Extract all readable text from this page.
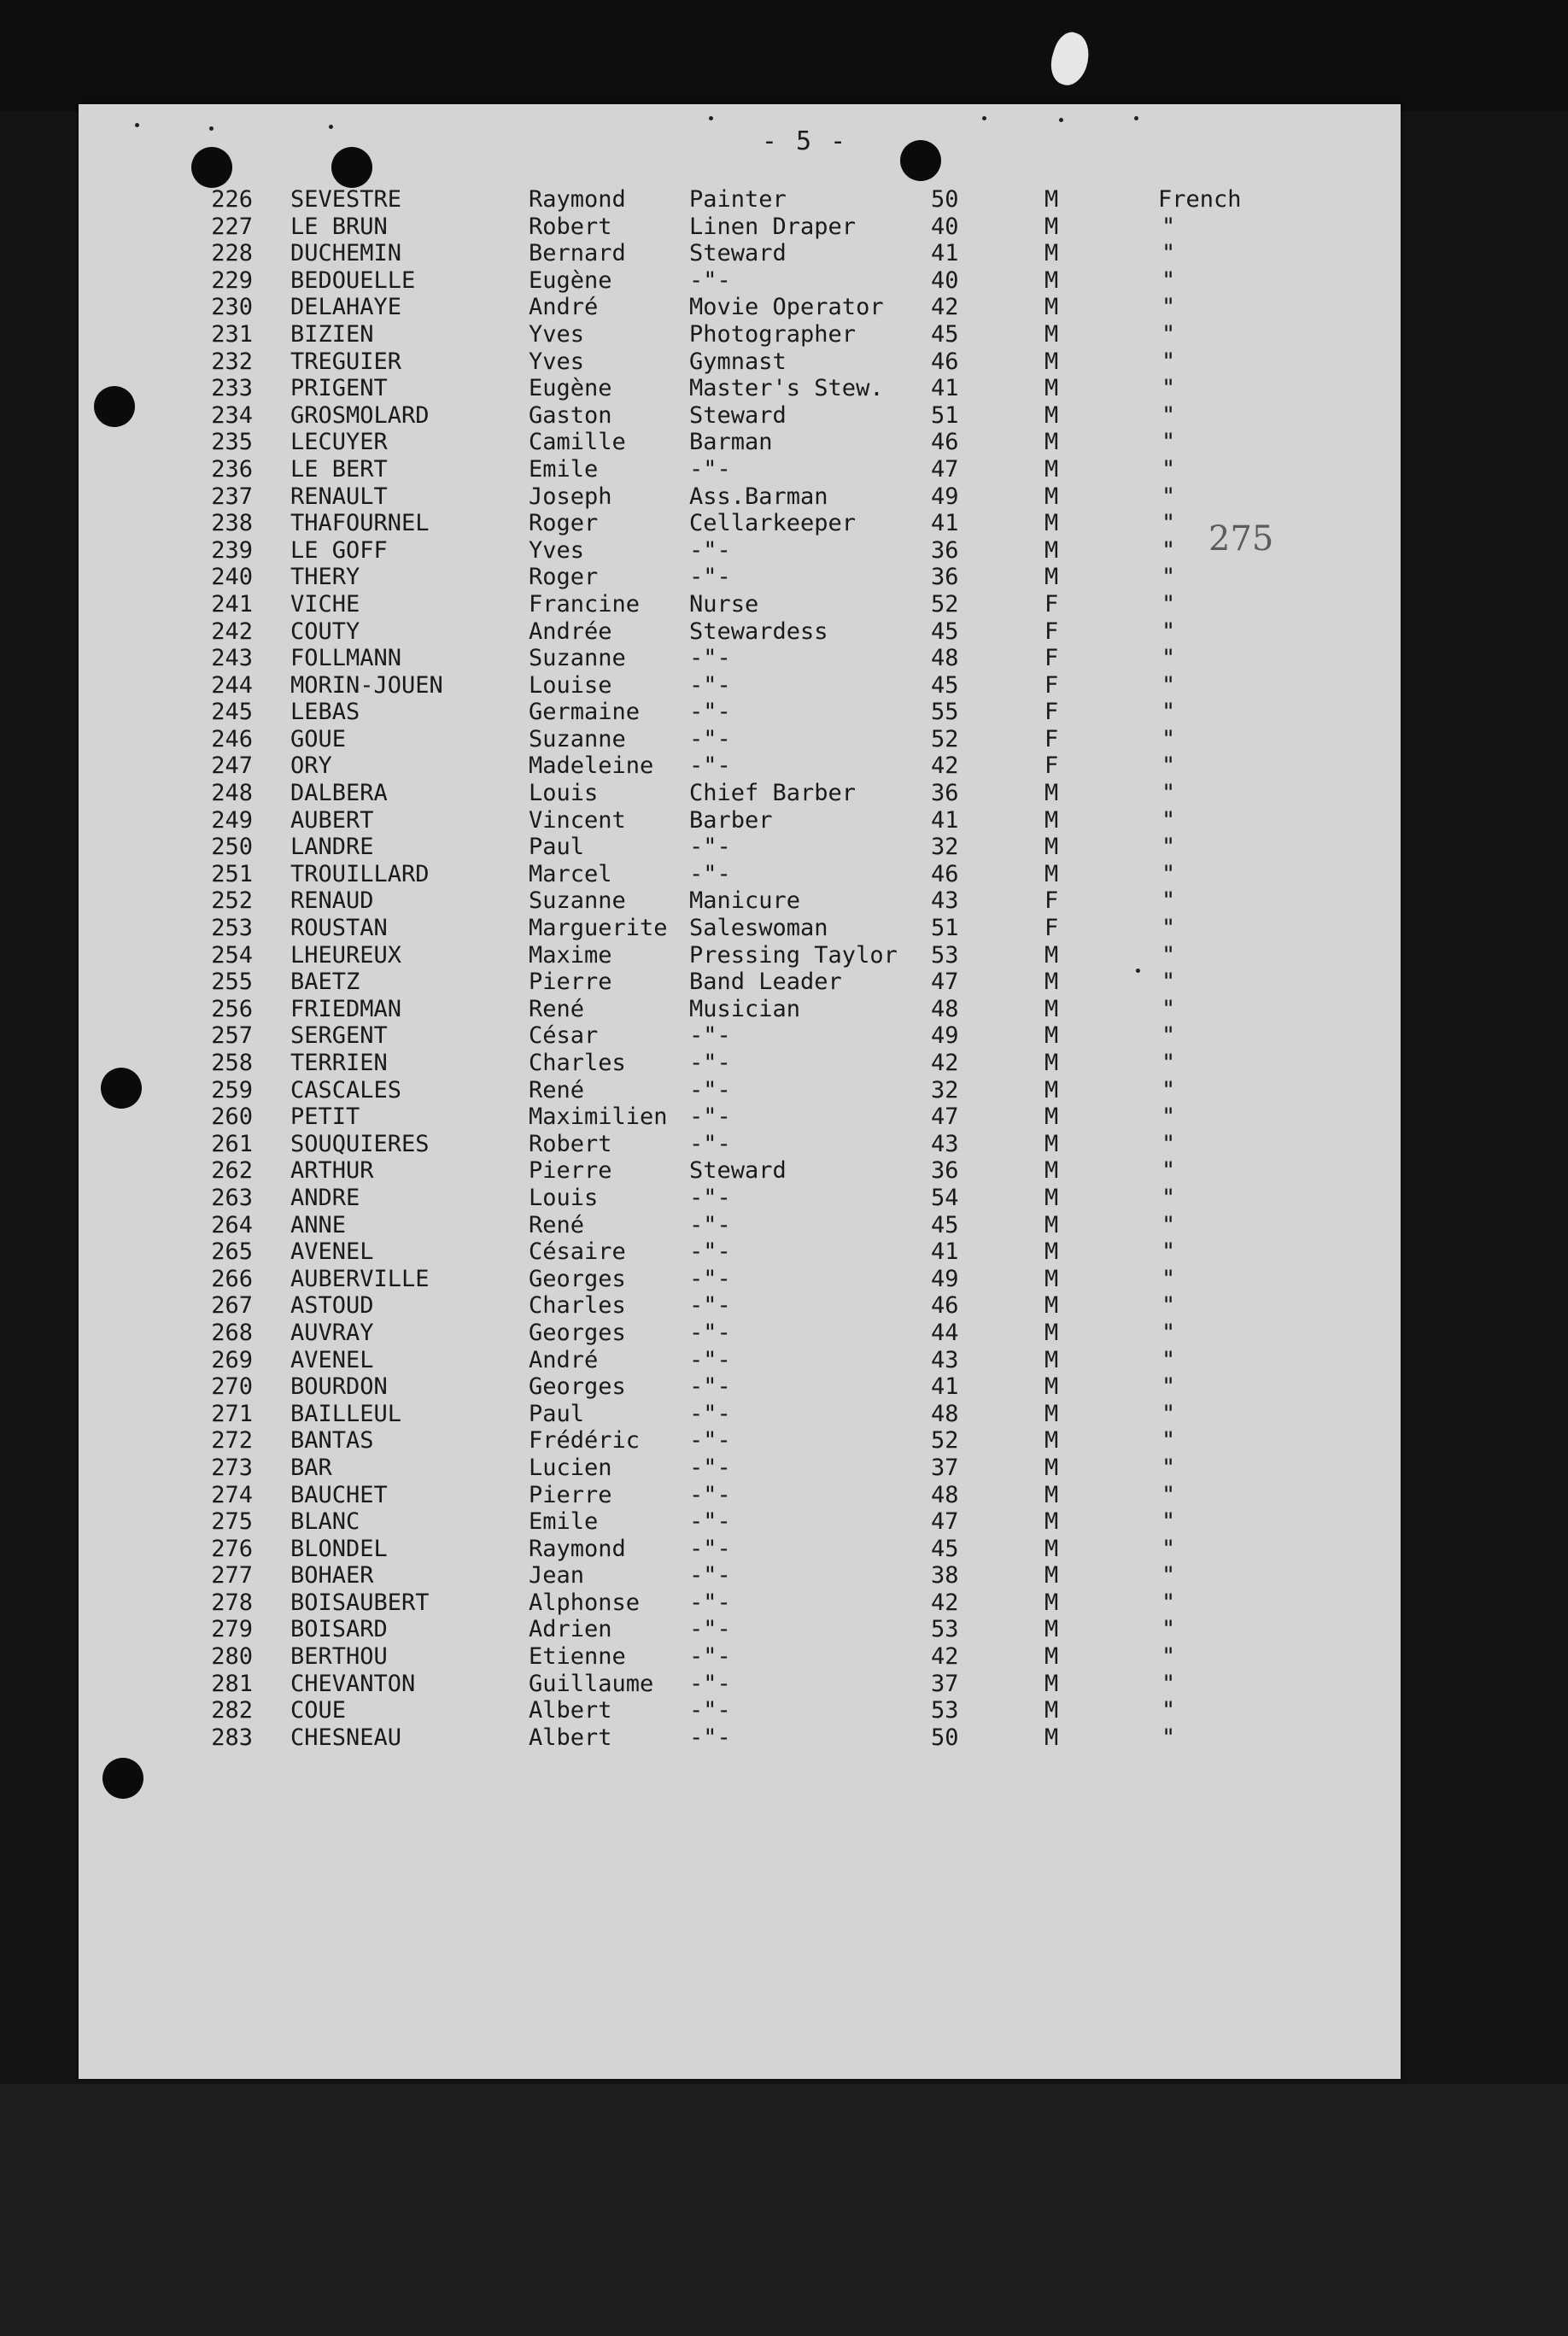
- 5 -
275
226 SEVESTRE	Raymond	Painter	50	M	French
227 LE BRUN	Robert	Linen Draper	40	M	"
228 DUCHEMIN	Bernard	Steward	41	M	"
229 BEDOUELLE	Eugène	-"-	40	M	"
230 DELAHAYE	André	Movie Operator 42	M	"
231 BIZIEN	Yves	Photographer	45	M	"
232 TREGUIER	Yves	Gymnast	46	M	"
233 PRIGENT	Eugène	Master's Stew. 41	M	"
234 GROSMOLARD	Gaston	Steward	51	M	"
235 LECUYER	Camille	Barman	46	M	"
236 LE BERT	Emile	-"-	47	M	"
237 RENAULT	Joseph	Ass.Barman	49	M	"
238 THAFOURNEL	Roger	Cellarkeeper	41	M	"
239 LE GOFF	Yves	-"-	36	M	"
240 THERY	Roger	-"-	36	M	"
241 VICHE	Francine Nurse	52	F	"
242 COUTY	Andrée	Stewardess	45	F	"
243 FOLLMANN	Suzanne	-"-	48	F	"
244 MORIN-JOUEN	Louise	-"-	45	F	"
245 LEBAS	Germaine -"-	55	F	"
246 GOUE	Suzanne	-"-	52	F	"
247 ORY	Madeleine -"-	42	F	"
248 DALBERA	Louis	Chief Barber	36	M	"
249 AUBERT	Vincent	Barber	41	M	"
250 LANDRE	Paul	-"-	32	M	"
251 TROUILLARD	Marcel	-"-	46	M	"
252 RENAUD	Suzanne	Manicure	43	F	"
253 ROUSTAN	Marguerite Saleswoman	51	F	"
254 LHEUREUX	Maxime	Pressing Taylor 53	M	"
255 BAETZ	Pierre	Band Leader	47	M	"
256 FRIEDMAN	René	Musician	48	M	"
257 SERGENT	César	-"-	49	M	"
258 TERRIEN	Charles	-"-	42	M	"
259 CASCALES	René	-"-	32	M	"
260 PETIT	Maximilien -"-	47	M	"
261 SOUQUIERES	Robert	-"-	43	M	"
262 ARTHUR	Pierre	Steward	36	M	"
263 ANDRE	Louis	-"-	54	M	"
264 ANNE	René	-"-	45	M	"
265 AVENEL	Césaire	-"-	41	M	"
266 AUBERVILLE	Georges	-"-	49	M	"
267 ASTOUD	Charles	-"-	46	M	"
268 AUVRAY	Georges	-"-	44	M	"
269 AVENEL	André	-"-	43	M	"
270 BOURDON	Georges	-"-	41	M	"
271 BAILLEUL	Paul	-"-	48	M	"
272 BANTAS	Frédéric -"-	52	M	"
273 BAR	Lucien	-"-	37	M	"
274 BAUCHET	Pierre	-"-	48	M	"
275 BLANC	Emile	-"-	47	M	"
276 BLONDEL	Raymond	-"-	45	M	"
277 BOHAER	Jean	-"-	38	M	"
278 BOISAUBERT	Alphonse -"-	42	M	"
279 BOISARD	Adrien	-"-	53	M	"
280 BERTHOU	Etienne	-"-	42	M	"
281 CHEVANTON	Guillaume -"-	37	M	"
282 COUE	Albert	-"-	53	M	"
283 CHESNEAU	Albert	-"-	50	M	"
